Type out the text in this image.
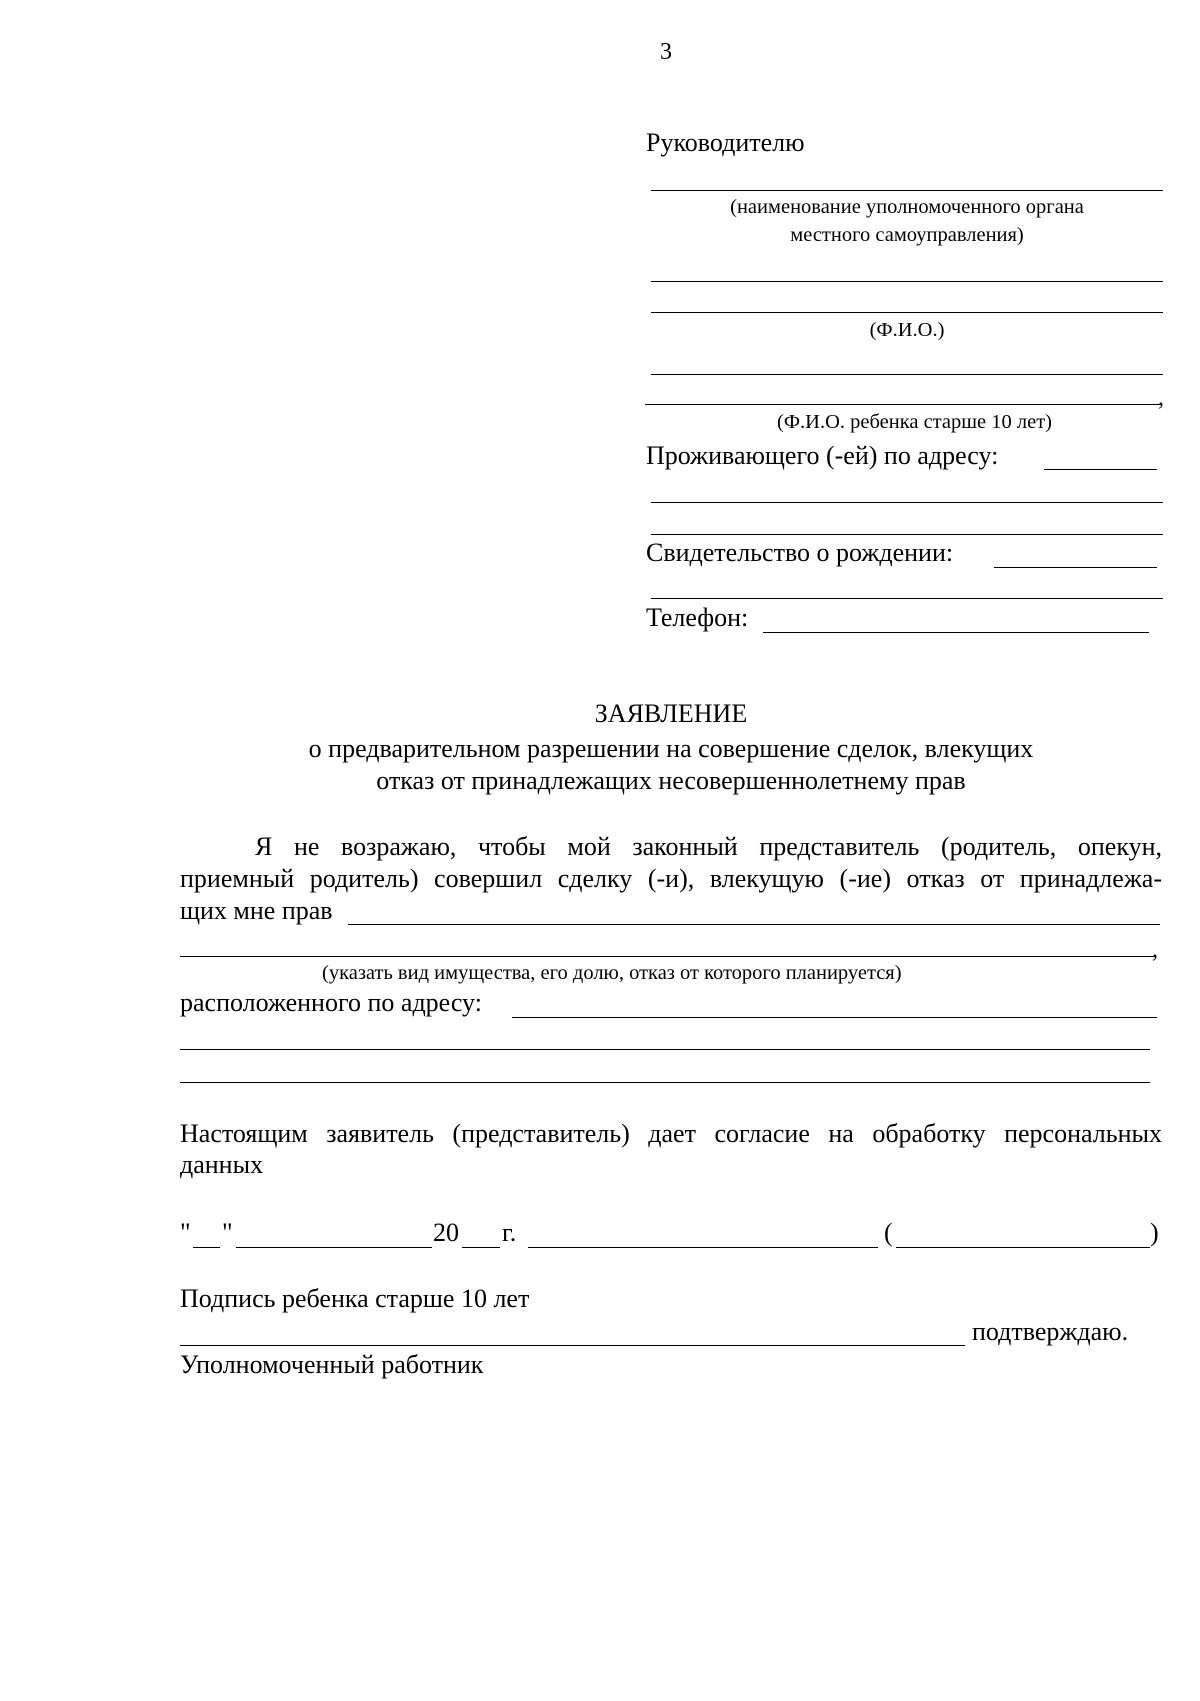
3
Руководителю
(наименование уполномоченного органа
местного самоуправления)
(Ф.И.О.)
,
(Ф.И.О. ребенка старше 10 лет)
Проживающего (-ей) по адресу:
Свидетельство о рождении:
Телефон:
ЗАЯВЛЕНИЕ
о предварительном разрешении на совершение сделок, влекущих
отказ от принадлежащих несовершеннолетнему прав
Я не возражаю, чтобы мой законный представитель (родитель, опекун,
приемный родитель) совершил сделку (-и), влекущую (-ие) отказ от принадлежа-
щих мне прав
,
(указать вид имущества, его долю, отказ от которого планируется)
расположенного по адресу:
Настоящим заявитель (представитель) дает согласие на обработку персональных
данных
" "	20 г.	(	)
Подпись ребенка старше 10 лет
подтверждаю.
Уполномоченный работник
